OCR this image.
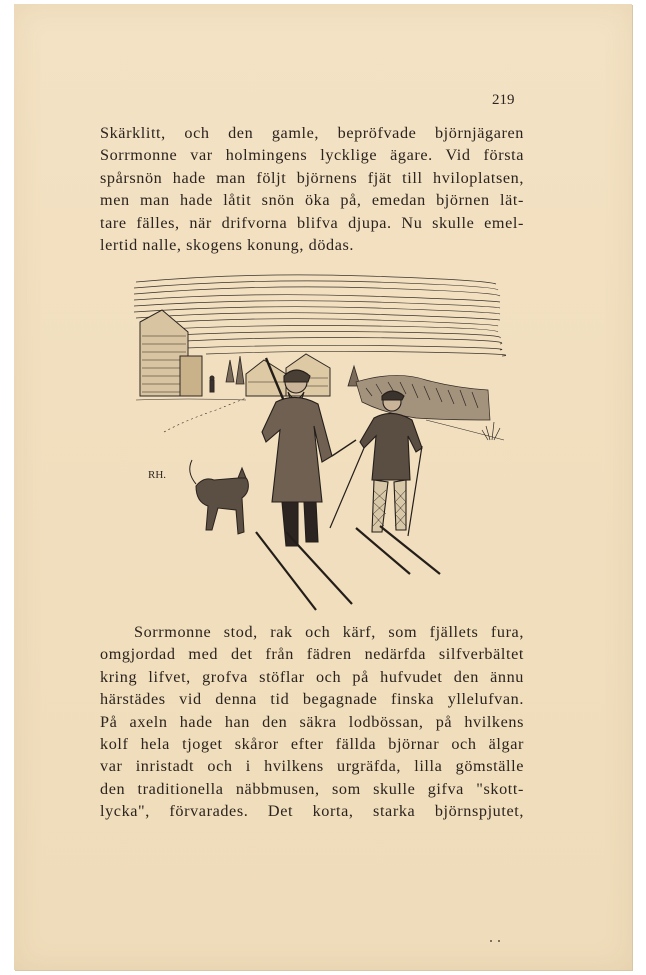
219
Skärklitt, och den gamle, bepröfvade björnjägaren
Sorrmonne var holmingens lycklige ägare. Vid första
spårsnön hade man följt björnens fjät till hviloplatsen,
men man hade låtit snön öka på, emedan björnen lät-
tare fälles, när drifvorna blifva djupa. Nu skulle emel-
lertid nalle, skogens konung, dödas.
RH.
Sorrmonne stod, rak och kärf, som fjällets fura,
omgjordad med det från fädren nedärfda silfverbältet
kring lifvet, grofva stöflar och på hufvudet den ännu
härstädes vid denna tid begagnade finska yllelufvan.
På axeln hade han den säkra lodbössan, på hvilkens
kolf hela tjoget skåror efter fällda björnar och älgar
var inristadt och i hvilkens urgräfda, lilla gömställe
den traditionella näbbmusen, som skulle gifva "skott-
lycka", förvarades. Det korta, starka björnspjutet,
